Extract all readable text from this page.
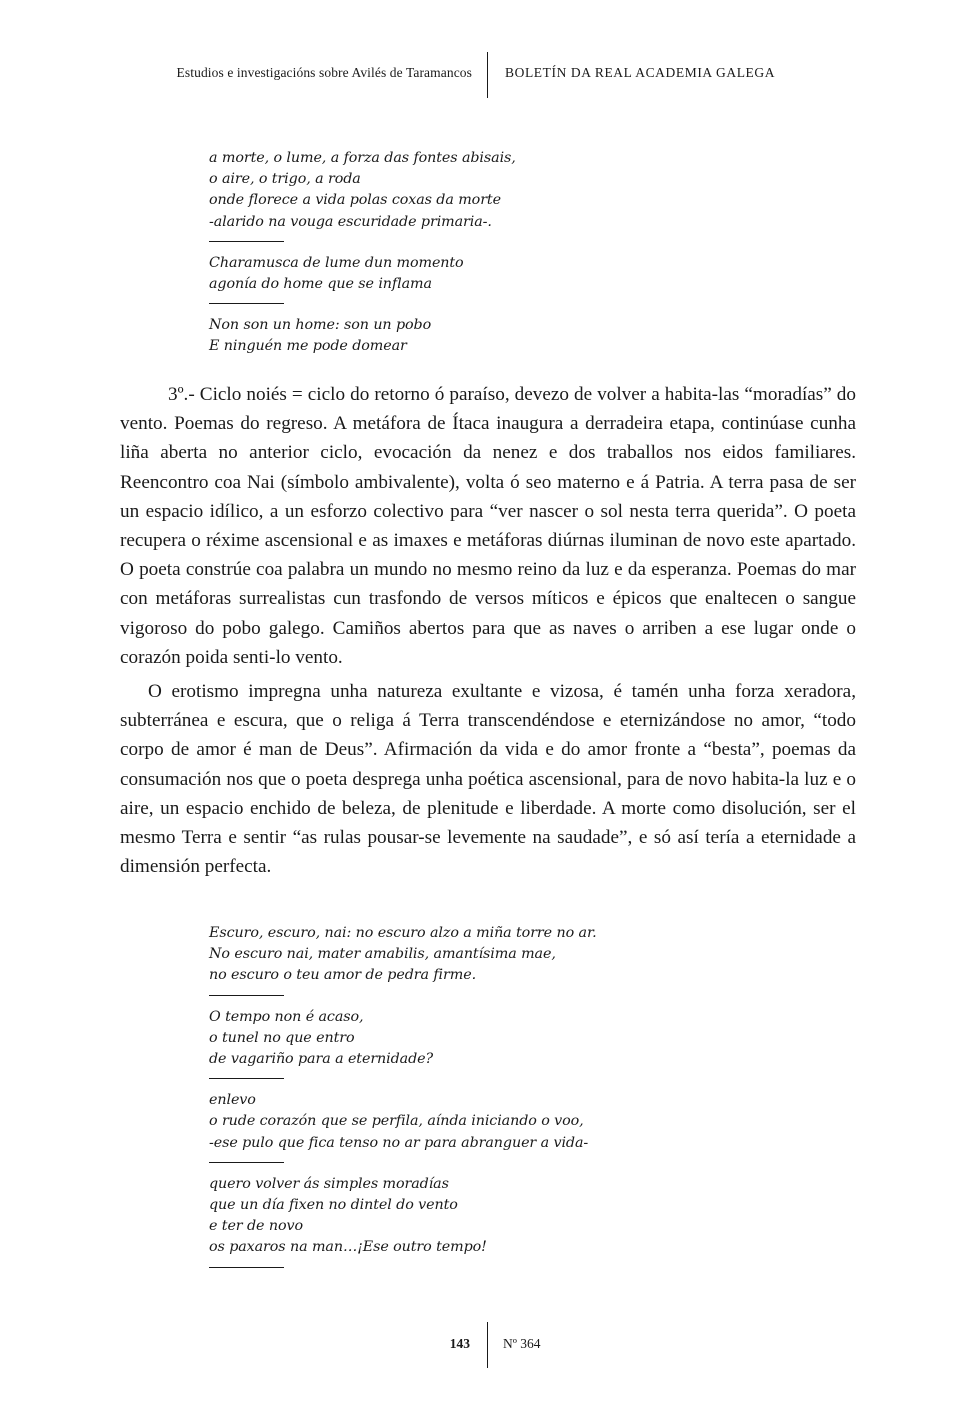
Estudios e investigacións sobre Avilés de Taramancos BOLETÍN DA REAL ACADEMIA GALEGA
a morte, o lume, a forza das fontes abisais,
o aire, o trigo, a roda
onde florece a vida polas coxas da morte
-alarido na vouga escuridade primaria-.
Charamusca de lume dun momento
agonía do home que se inflama
Non son un home: son un pobo
E ninguén me pode domear

3º.- Ciclo noiés = ciclo do retorno ó paraíso, devezo de volver a habita-las “moradías” do vento. Poemas do regreso. A metáfora de Ítaca inaugura a derradeira etapa, continúase cunha liña aberta no anterior ciclo, evocación da nenez e dos traballos nos eidos familiares. Reencontro coa Nai (símbolo ambivalente), volta ó seo materno e á Patria. A terra pasa de ser un espacio idílico, a un esforzo colectivo para “ver nascer o sol nesta terra querida”. O poeta recupera o réxime ascensional e as imaxes e metáforas diúrnas iluminan de novo este apartado. O poeta constrúe coa palabra un mundo no mesmo reino da luz e da esperanza. Poemas do mar con metáforas surrealistas cun trasfondo de versos míticos e épicos que enaltecen o sangue vigoroso do pobo galego. Camiños abertos para que as naves o arriben a ese lugar onde o corazón poida senti-lo vento.

O erotismo impregna unha natureza exultante e vizosa, é tamén unha forza xeradora, subterránea e escura, que o religa á Terra transcendéndose e eternizándose no amor, “todo corpo de amor é man de Deus”. Afirmación da vida e do amor fronte a “besta”, poemas da consumación nos que o poeta desprega unha poética ascensional, para de novo habita-la luz e o aire, un espacio enchido de beleza, de plenitude e liberdade. A morte como disolución, ser el mesmo Terra e sentir “as rulas pousar-se levemente na saudade”, e só así tería a eternidade a dimensión perfecta.

Escuro, escuro, nai: no escuro alzo a miña torre no ar.
No escuro nai, mater amabilis, amantísima mae,
no escuro o teu amor de pedra firme.
O tempo non é acaso,
o tunel no que entro
de vagariño para a eternidade?
enlevo
o rude corazón que se perfila, aínda iniciando o voo,
-ese pulo que fica tenso no ar para abranguer a vida-
quero volver ás simples moradías
que un día fixen no dintel do vento
e ter de novo
os paxaros na man…¡Ese outro tempo!
143 Nº 364
